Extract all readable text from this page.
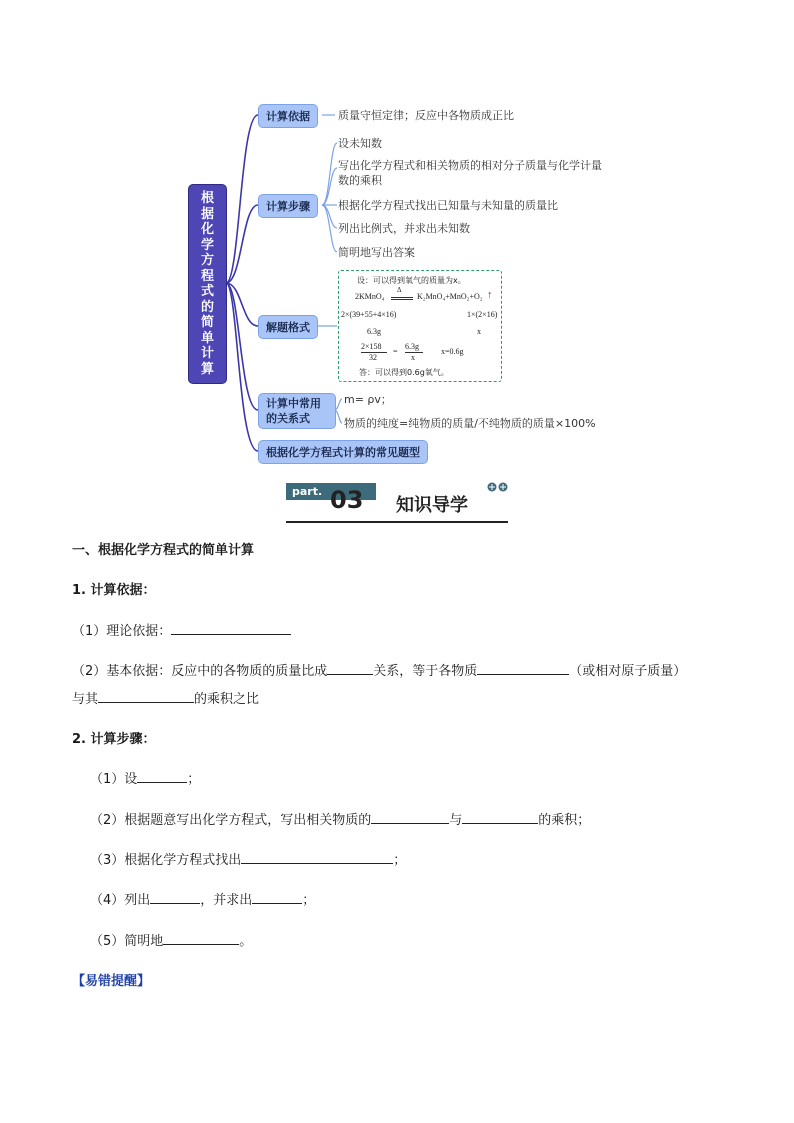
根据化学方程式的简单计算
计算依据	质量守恒定律；反应中各物质成正比
计算步骤
设未知数
写出化学方程式和相关物质的相对分子质量与化学计量数的乘积
根据化学方程式找出已知量与未知量的质量比
列出比例式，并求出未知数
简明地写出答案
解题格式
设：可以得到氧气的质量为x。
2KMnO₄
Δ
K₂MnO₄+MnO₂+O₂ ↑
2×(39+55+4×16)	1×(2×16)
6.3g	x
2×158
32
=
6.3g
x
x=0.6g
答：可以得到0.6g氧气。
计算中常用的关系式
m= ρv；
物质的纯度=纯物质的质量/不纯物质的质量×100%
根据化学方程式计算的常见题型
part. 03 知识导学
一、根据化学方程式的简单计算
1. 计算依据：
（1）理论依据：
（2）基本依据：反应中的各物质的质量比成	关系，等于各物质	（或相对原子质量）
与其	的乘积之比
2. 计算步骤：
（1）设	；
（2）根据题意写出化学方程式，写出相关物质的	与	的乘积；
（3）根据化学方程式找出	；
（4）列出	，并求出	；
（5）简明地	。
【易错提醒】
